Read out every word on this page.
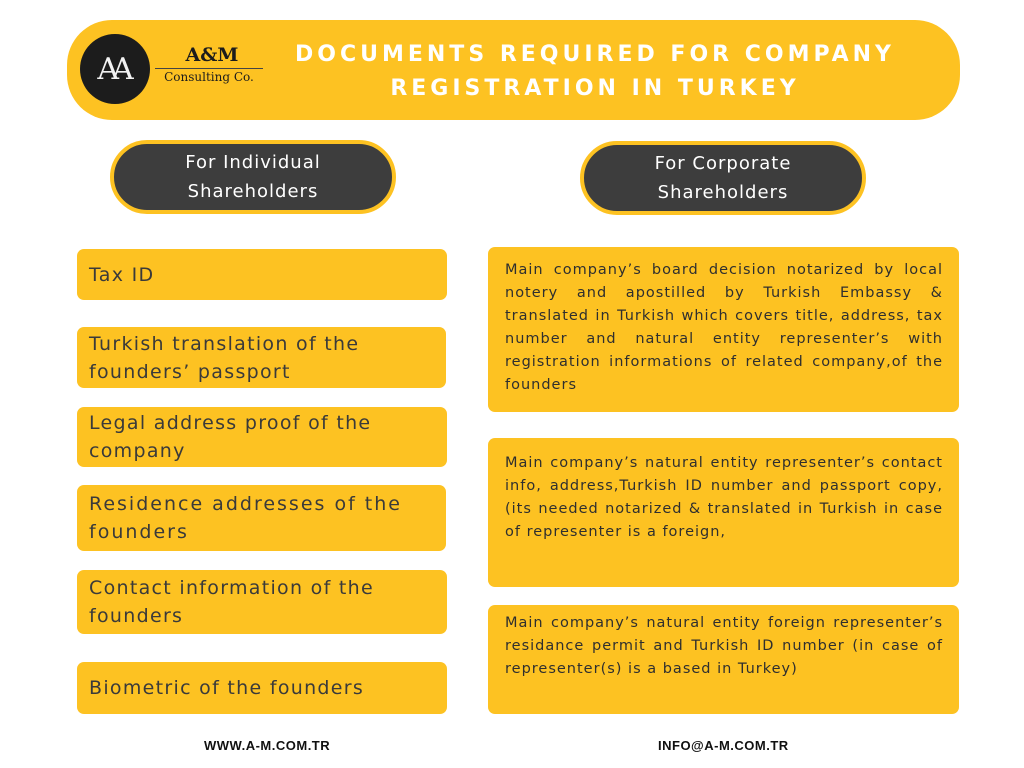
AA	A&M
Consulting Co.
DOCUMENTS REQUIRED FOR COMPANY REGISTRATION IN TURKEY
For Individual Shareholders
For Corporate Shareholders
Tax ID
Turkish translation of the founders’ passport
Legal address proof of the company
Residence addresses of the founders
Contact information of the founders
Biometric of the founders
Main company’s board decision notarized by local notery and apostilled by Turkish Embassy & translated in Turkish which covers title, address, tax number and natural entity representer’s with registration informations of related company,of the founders
Main company’s natural entity representer’s contact info, address,Turkish ID number and passport copy,(its needed notarized & translated in Turkish in case of representer is a foreign,
Main company’s natural entity foreign representer’s residance permit and Turkish ID number (in case of representer(s) is a based in Turkey)
WWW.A-M.COM.TR	INFO@A-M.COM.TR
